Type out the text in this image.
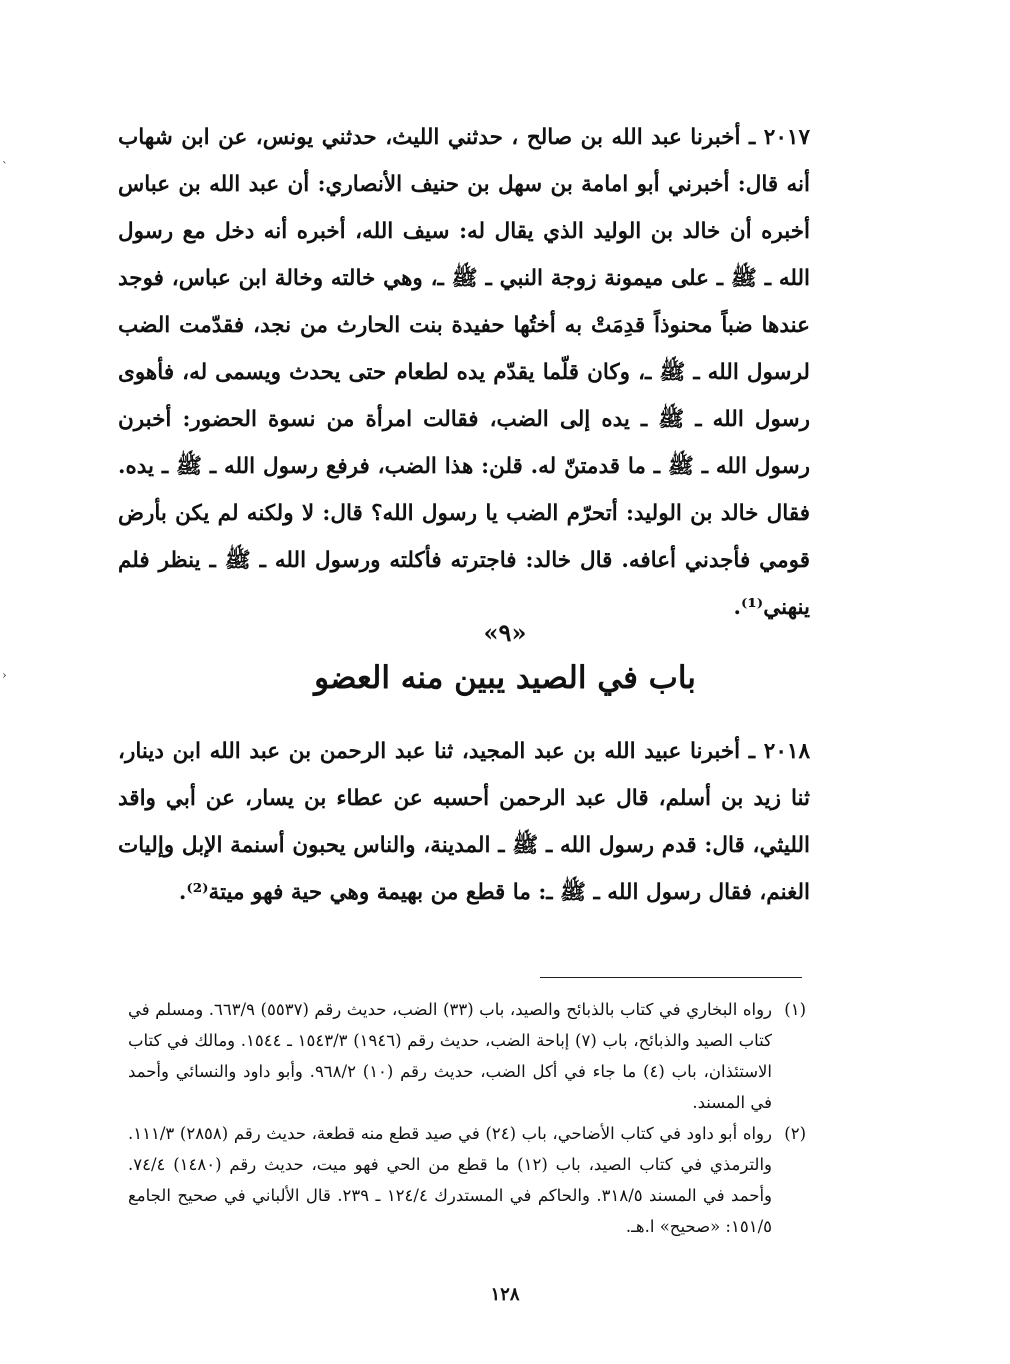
ˋ
›

٢٠١٧ ـ أخبرنا عبد الله بن صالح ، حدثني الليث، حدثني يونس، عن ابن شهاب أنه قال: أخبرني أبو امامة بن سهل بن حنيف الأنصاري: أن عبد الله بن عباس أخبره أن خالد بن الوليد الذي يقال له: سيف الله، أخبره أنه دخل مع رسول الله ـ ﷺ ـ على ميمونة زوجة النبي ـ ﷺ ـ، وهي خالته وخالة ابن عباس، فوجد عندها ضباً محنوذاً قدِمَتْ به أختُها حفيدة بنت الحارث من نجد، فقدّمت الضب لرسول الله ـ ﷺ ـ، وكان قلّما يقدّم يده لطعام حتى يحدث ويسمى له، فأهوى رسول الله ـ ﷺ ـ يده إلى الضب، فقالت امرأة من نسوة الحضور: أخبرن رسول الله ـ ﷺ ـ ما قدمتنّ له. قلن: هذا الضب، فرفع رسول الله ـ ﷺ ـ يده. فقال خالد بن الوليد: أتحرّم الضب يا رسول الله؟ قال: لا ولكنه لم يكن بأرض قومي فأجدني أعافه. قال خالد: فاجترته فأكلته ورسول الله ـ ﷺ ـ ينظر فلم ينهني⁽¹⁾.

«٩»
باب في الصيد يبين منه العضو

٢٠١٨ ـ أخبرنا عبيد الله بن عبد المجيد، ثنا عبد الرحمن بن عبد الله ابن دينار، ثنا زيد بن أسلم، قال عبد الرحمن أحسبه عن عطاء بن يسار، عن أبي واقد الليثي، قال: قدم رسول الله ـ ﷺ ـ المدينة، والناس يحبون أسنمة الإبل وإليات الغنم، فقال رسول الله ـ ﷺ ـ: ما قطع من بهيمة وهي حية فهو ميتة⁽²⁾.

(١)
رواه البخاري في كتاب بالذبائح والصيد، باب (٣٣) الضب، حديث رقم (٥٥٣٧) ٦٦٣/٩. ومسلم في كتاب الصيد والذبائح، باب (٧) إباحة الضب، حديث رقم (١٩٤٦) ١٥٤٣/٣ ـ ١٥٤٤. ومالك في كتاب الاستئذان، باب (٤) ما جاء في أكل الضب، حديث رقم (١٠) ٩٦٨/٢. وأبو داود والنسائي وأحمد في المسند.
(٢)
رواه أبو داود في كتاب الأضاحي، باب (٢٤) في صيد قطع منه قطعة، حديث رقم (٢٨٥٨) ١١١/٣. والترمذي في كتاب الصيد، باب (١٢) ما قطع من الحي فهو ميت، حديث رقم (١٤٨٠) ٧٤/٤. وأحمد في المسند ٣١٨/٥. والحاكم في المستدرك ١٢٤/٤ ـ ٢٣٩. قال الألباني في صحيح الجامع ١٥١/٥: «صحيح» ا.هـ.
١٢٨
